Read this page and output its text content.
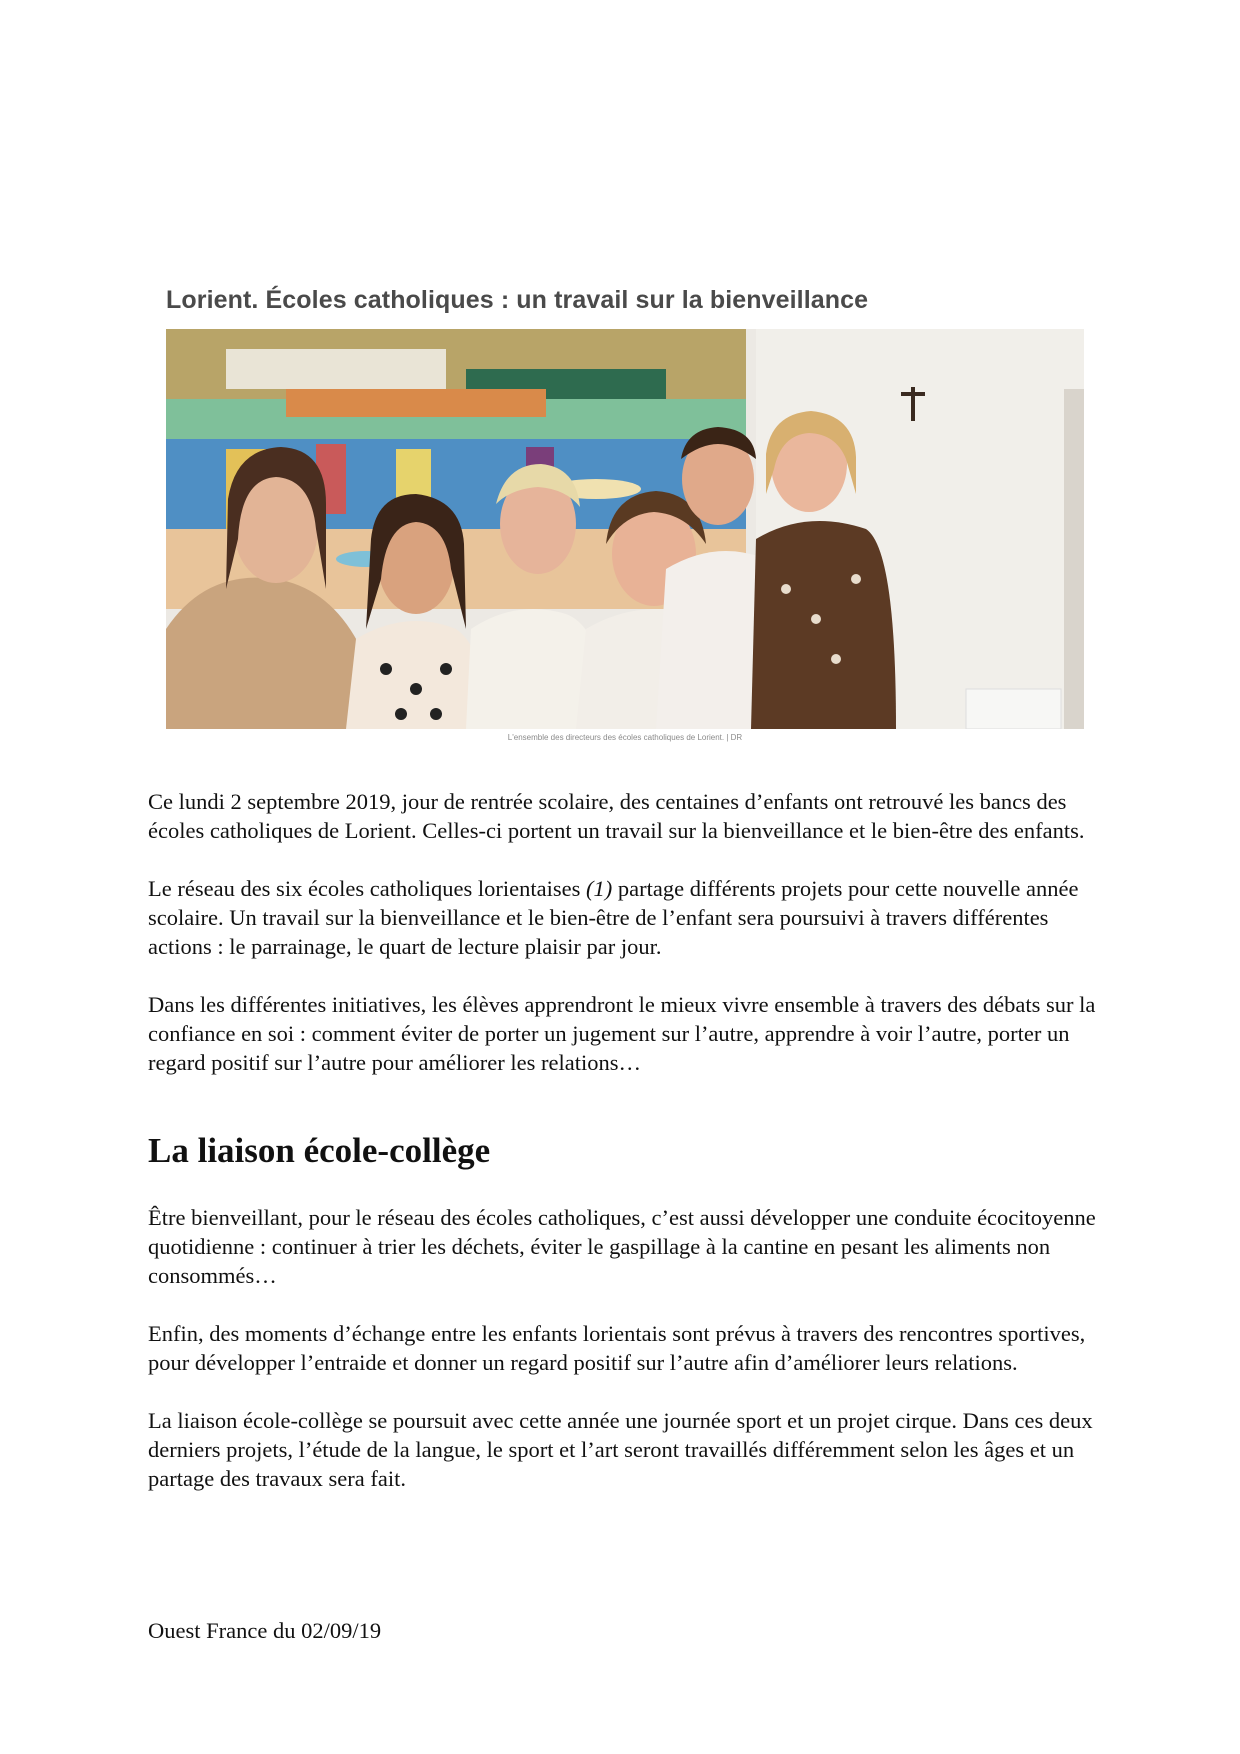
Lorient. Écoles catholiques : un travail sur la bienveillance
L'ensemble des directeurs des écoles catholiques de Lorient. | DR

Ce lundi 2 septembre 2019, jour de rentrée scolaire, des centaines d’enfants ont retrouvé les bancs des écoles catholiques de Lorient. Celles-ci portent un travail sur la bienveillance et le bien-être des enfants.

Le réseau des six écoles catholiques lorientaises (1) partage différents projets pour cette nouvelle année scolaire. Un travail sur la bienveillance et le bien-être de l’enfant sera poursuivi à travers différentes actions : le parrainage, le quart de lecture plaisir par jour.

Dans les différentes initiatives, les élèves apprendront le mieux vivre ensemble à travers des débats sur la confiance en soi : comment éviter de porter un jugement sur l’autre, apprendre à voir l’autre, porter un regard positif sur l’autre pour améliorer les relations…

La liaison école-collège

Être bienveillant, pour le réseau des écoles catholiques, c’est aussi développer une conduite écocitoyenne quotidienne : continuer à trier les déchets, éviter le gaspillage à la cantine en pesant les aliments non consommés…

Enfin, des moments d’échange entre les enfants lorientais sont prévus à travers des rencontres sportives, pour développer l’entraide et donner un regard positif sur l’autre afin d’améliorer leurs relations.

La liaison école-collège se poursuit avec cette année une journée sport et un projet cirque. Dans ces deux derniers projets, l’étude de la langue, le sport et l’art seront travaillés différemment selon les âges et un partage des travaux sera fait.

Ouest France du 02/09/19
